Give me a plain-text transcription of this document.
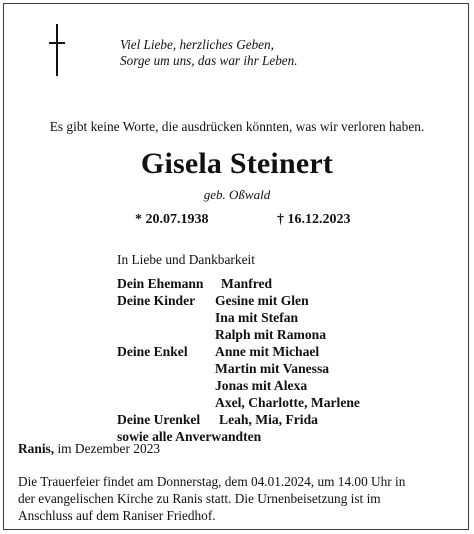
Viel Liebe, herzliches Geben,
Sorge um uns, das war ihr Leben.
Es gibt keine Worte, die ausdrücken könnten, was wir verloren haben.
Gisela Steinert
geb. Oßwald
* 20.07.1938	† 16.12.2023
In Liebe und Dankbarkeit
Dein Ehemann Manfred
Deine Kinder Gesine mit Glen
Ina mit Stefan
Ralph mit Ramona
Deine Enkel Anne mit Michael
Martin mit Vanessa
Jonas mit Alexa
Axel, Charlotte, Marlene
Deine Urenkel Leah, Mia, Frida
sowie alle Anverwandten
Ranis, im Dezember 2023
Die Trauerfeier findet am Donnerstag, dem 04.01.2024, um 14.00 Uhr in
der evangelischen Kirche zu Ranis statt. Die Urnenbeisetzung ist im
Anschluss auf dem Raniser Friedhof.
